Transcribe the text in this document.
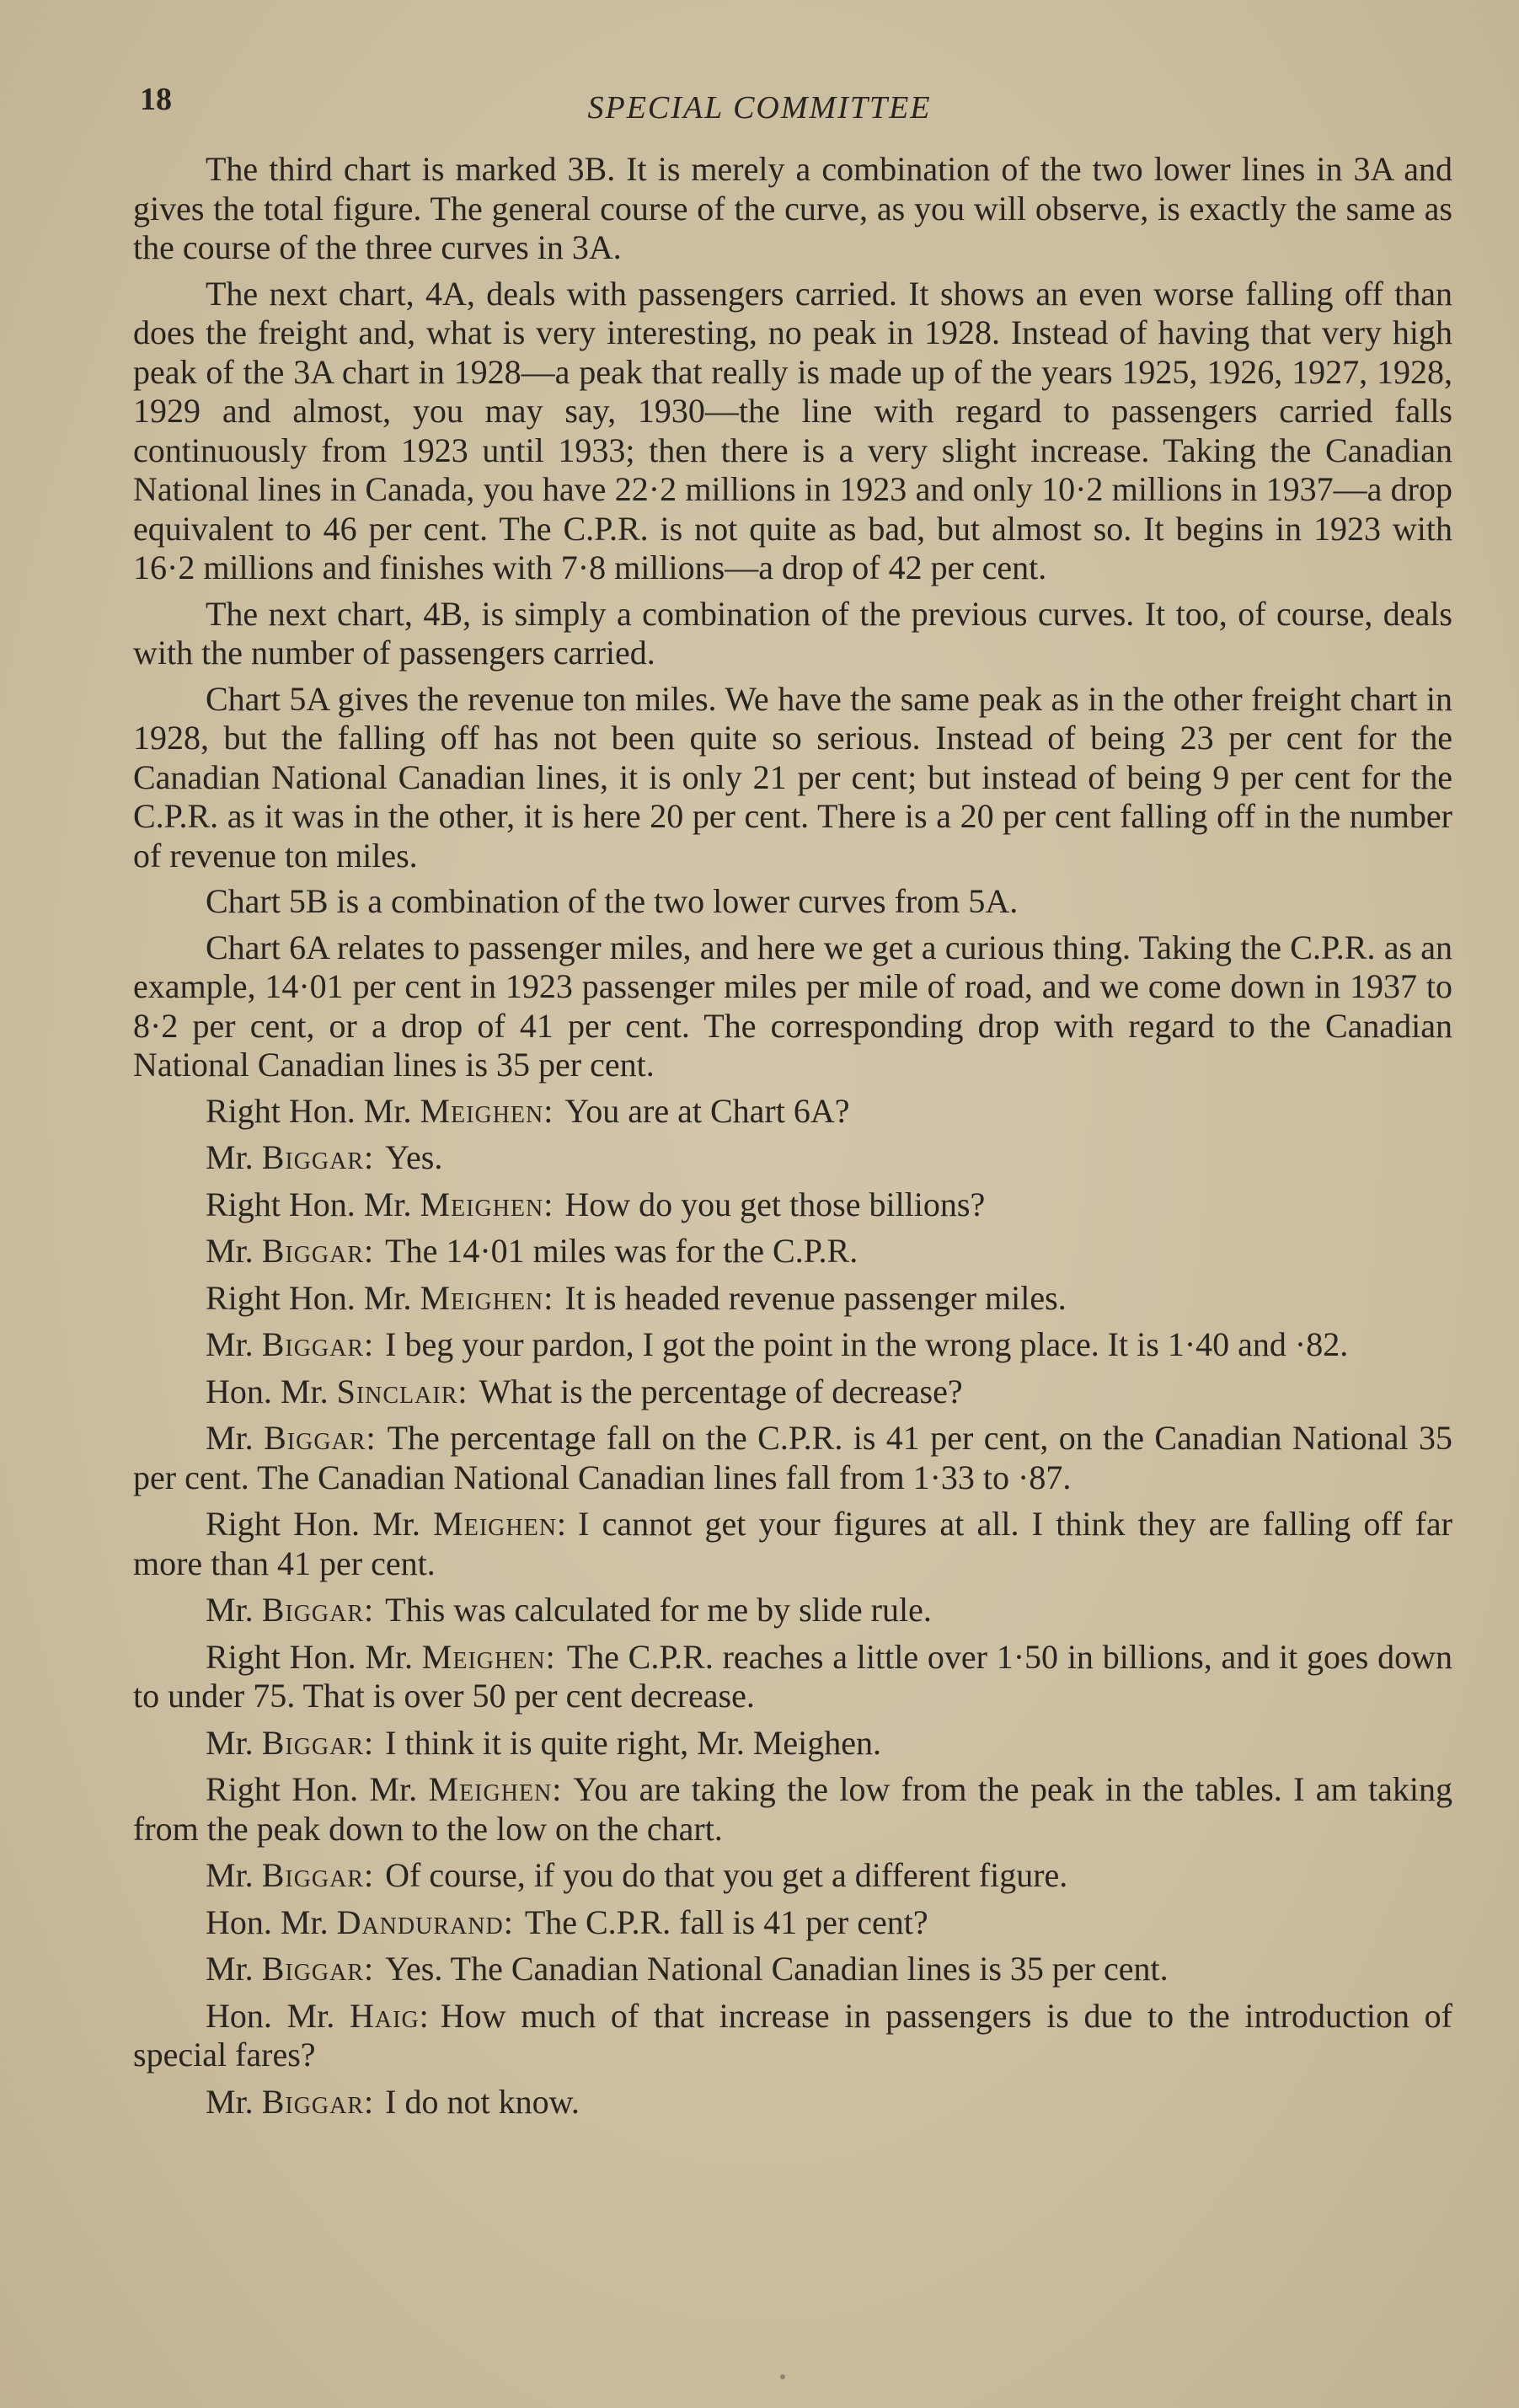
18	SPECIAL COMMITTEE

The third chart is marked 3B. It is merely a combination of the two lower lines in 3A and gives the total figure. The general course of the curve, as you will observe, is exactly the same as the course of the three curves in 3A.

The next chart, 4A, deals with passengers carried. It shows an even worse falling off than does the freight and, what is very interesting, no peak in 1928. Instead of having that very high peak of the 3A chart in 1928—a peak that really is made up of the years 1925, 1926, 1927, 1928, 1929 and almost, you may say, 1930—the line with regard to passengers carried falls continuously from 1923 until 1933; then there is a very slight increase. Taking the Canadian National lines in Canada, you have 22·2 millions in 1923 and only 10·2 millions in 1937—a drop equivalent to 46 per cent. The C.P.R. is not quite as bad, but almost so. It begins in 1923 with 16·2 millions and finishes with 7·8 millions—a drop of 42 per cent.

The next chart, 4B, is simply a combination of the previous curves. It too, of course, deals with the number of passengers carried.

Chart 5A gives the revenue ton miles. We have the same peak as in the other freight chart in 1928, but the falling off has not been quite so serious. Instead of being 23 per cent for the Canadian National Canadian lines, it is only 21 per cent; but instead of being 9 per cent for the C.P.R. as it was in the other, it is here 20 per cent. There is a 20 per cent falling off in the number of revenue ton miles.

Chart 5B is a combination of the two lower curves from 5A.

Chart 6A relates to passenger miles, and here we get a curious thing. Taking the C.P.R. as an example, 14·01 per cent in 1923 passenger miles per mile of road, and we come down in 1937 to 8·2 per cent, or a drop of 41 per cent. The corresponding drop with regard to the Canadian National Canadian lines is 35 per cent.

Right Hon. Mr. Meighen: You are at Chart 6A?

Mr. Biggar: Yes.

Right Hon. Mr. Meighen: How do you get those billions?

Mr. Biggar: The 14·01 miles was for the C.P.R.

Right Hon. Mr. Meighen: It is headed revenue passenger miles.

Mr. Biggar: I beg your pardon, I got the point in the wrong place. It is 1·40 and ·82.

Hon. Mr. Sinclair: What is the percentage of decrease?

Mr. Biggar: The percentage fall on the C.P.R. is 41 per cent, on the Canadian National 35 per cent. The Canadian National Canadian lines fall from 1·33 to ·87.

Right Hon. Mr. Meighen: I cannot get your figures at all. I think they are falling off far more than 41 per cent.

Mr. Biggar: This was calculated for me by slide rule.

Right Hon. Mr. Meighen: The C.P.R. reaches a little over 1·50 in billions, and it goes down to under 75. That is over 50 per cent decrease.

Mr. Biggar: I think it is quite right, Mr. Meighen.

Right Hon. Mr. Meighen: You are taking the low from the peak in the tables. I am taking from the peak down to the low on the chart.

Mr. Biggar: Of course, if you do that you get a different figure.

Hon. Mr. Dandurand: The C.P.R. fall is 41 per cent?

Mr. Biggar: Yes. The Canadian National Canadian lines is 35 per cent.

Hon. Mr. Haig: How much of that increase in passengers is due to the introduction of special fares?

Mr. Biggar: I do not know.
